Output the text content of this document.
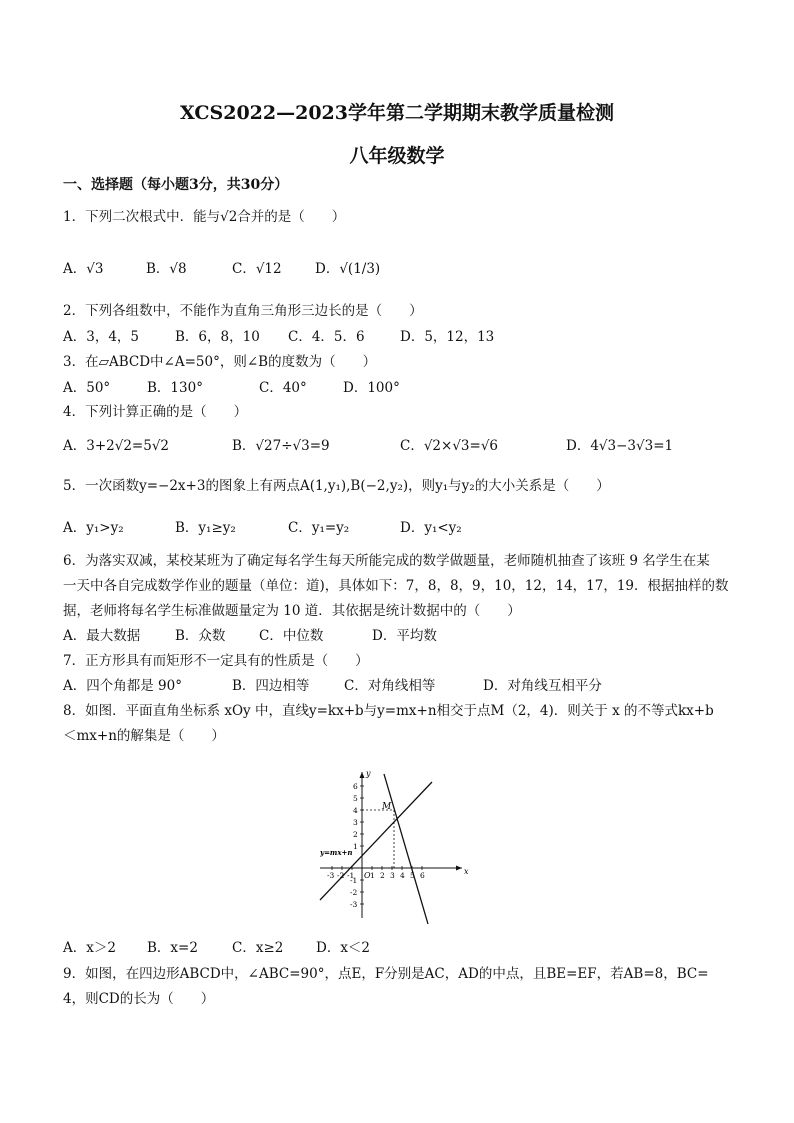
XCS2022—2023学年第二学期期末教学质量检测
八年级数学
一、选择题（每小题3分，共30分）
1．下列二次根式中．能与√2合并的是（　　）
A．√3	B．√8	C．√12 D．√(1/3)
2．下列各组数中，不能作为直角三角形三边长的是（　　）
A．3，4，5	B．6，8，10 C．4．5．6	D．5，12，13
3．在▱ABCD中∠A=50°，则∠B的度数为（　　）
A．50°	B．130°	C．40°	D．100°
4．下列计算正确的是（　　）
A．3+2√2=5√2	B．√27÷√3=9	C．√2×√3=√6	D．4√3−3√3=1
5．一次函数y=−2x+3的图象上有两点A(1,y₁),B(−2,y₂)，则y₁与y₂的大小关系是（　　）
A．y₁>y₂	B．y₁≥y₂	C．y₁=y₂	D．y₁<y₂
6．为落实双减，某校某班为了确定每名学生每天所能完成的数学做题量，老师随机抽查了该班 9 名学生在某
一天中各自完成数学作业的题量（单位：道)，具体如下：7，8，8，9，10，12，14，17，19．根据抽样的数
据，老师将每名学生标准做题量定为 10 道．其依据是统计数据中的（　　）
A．最大数据	B．众数 C．中位数	D．平均数
7．正方形具有而矩形不一定具有的性质是（　　）
A．四个角都是 90°	B．四边相等	C．对角线相等	D．对角线互相平分
8．如图．平面直角坐标系 xOy 中，直线y=kx+b与y=mx+n相交于点M（2，4)．则关于 x 的不等式kx+b
＜mx+n的解集是（　　）
M
y=mx+n
x
y
O
-3 -2 -1 1 2 3 4 5 6
6
5
4
3
2
1
-1
-2
-3
A．x＞2 B．x=2	C．x≥2 D．x＜2
9．如图，在四边形ABCD中，∠ABC=90°，点E，F分别是AC，AD的中点，且BE=EF，若AB=8，BC=
4，则CD的长为（　　）
